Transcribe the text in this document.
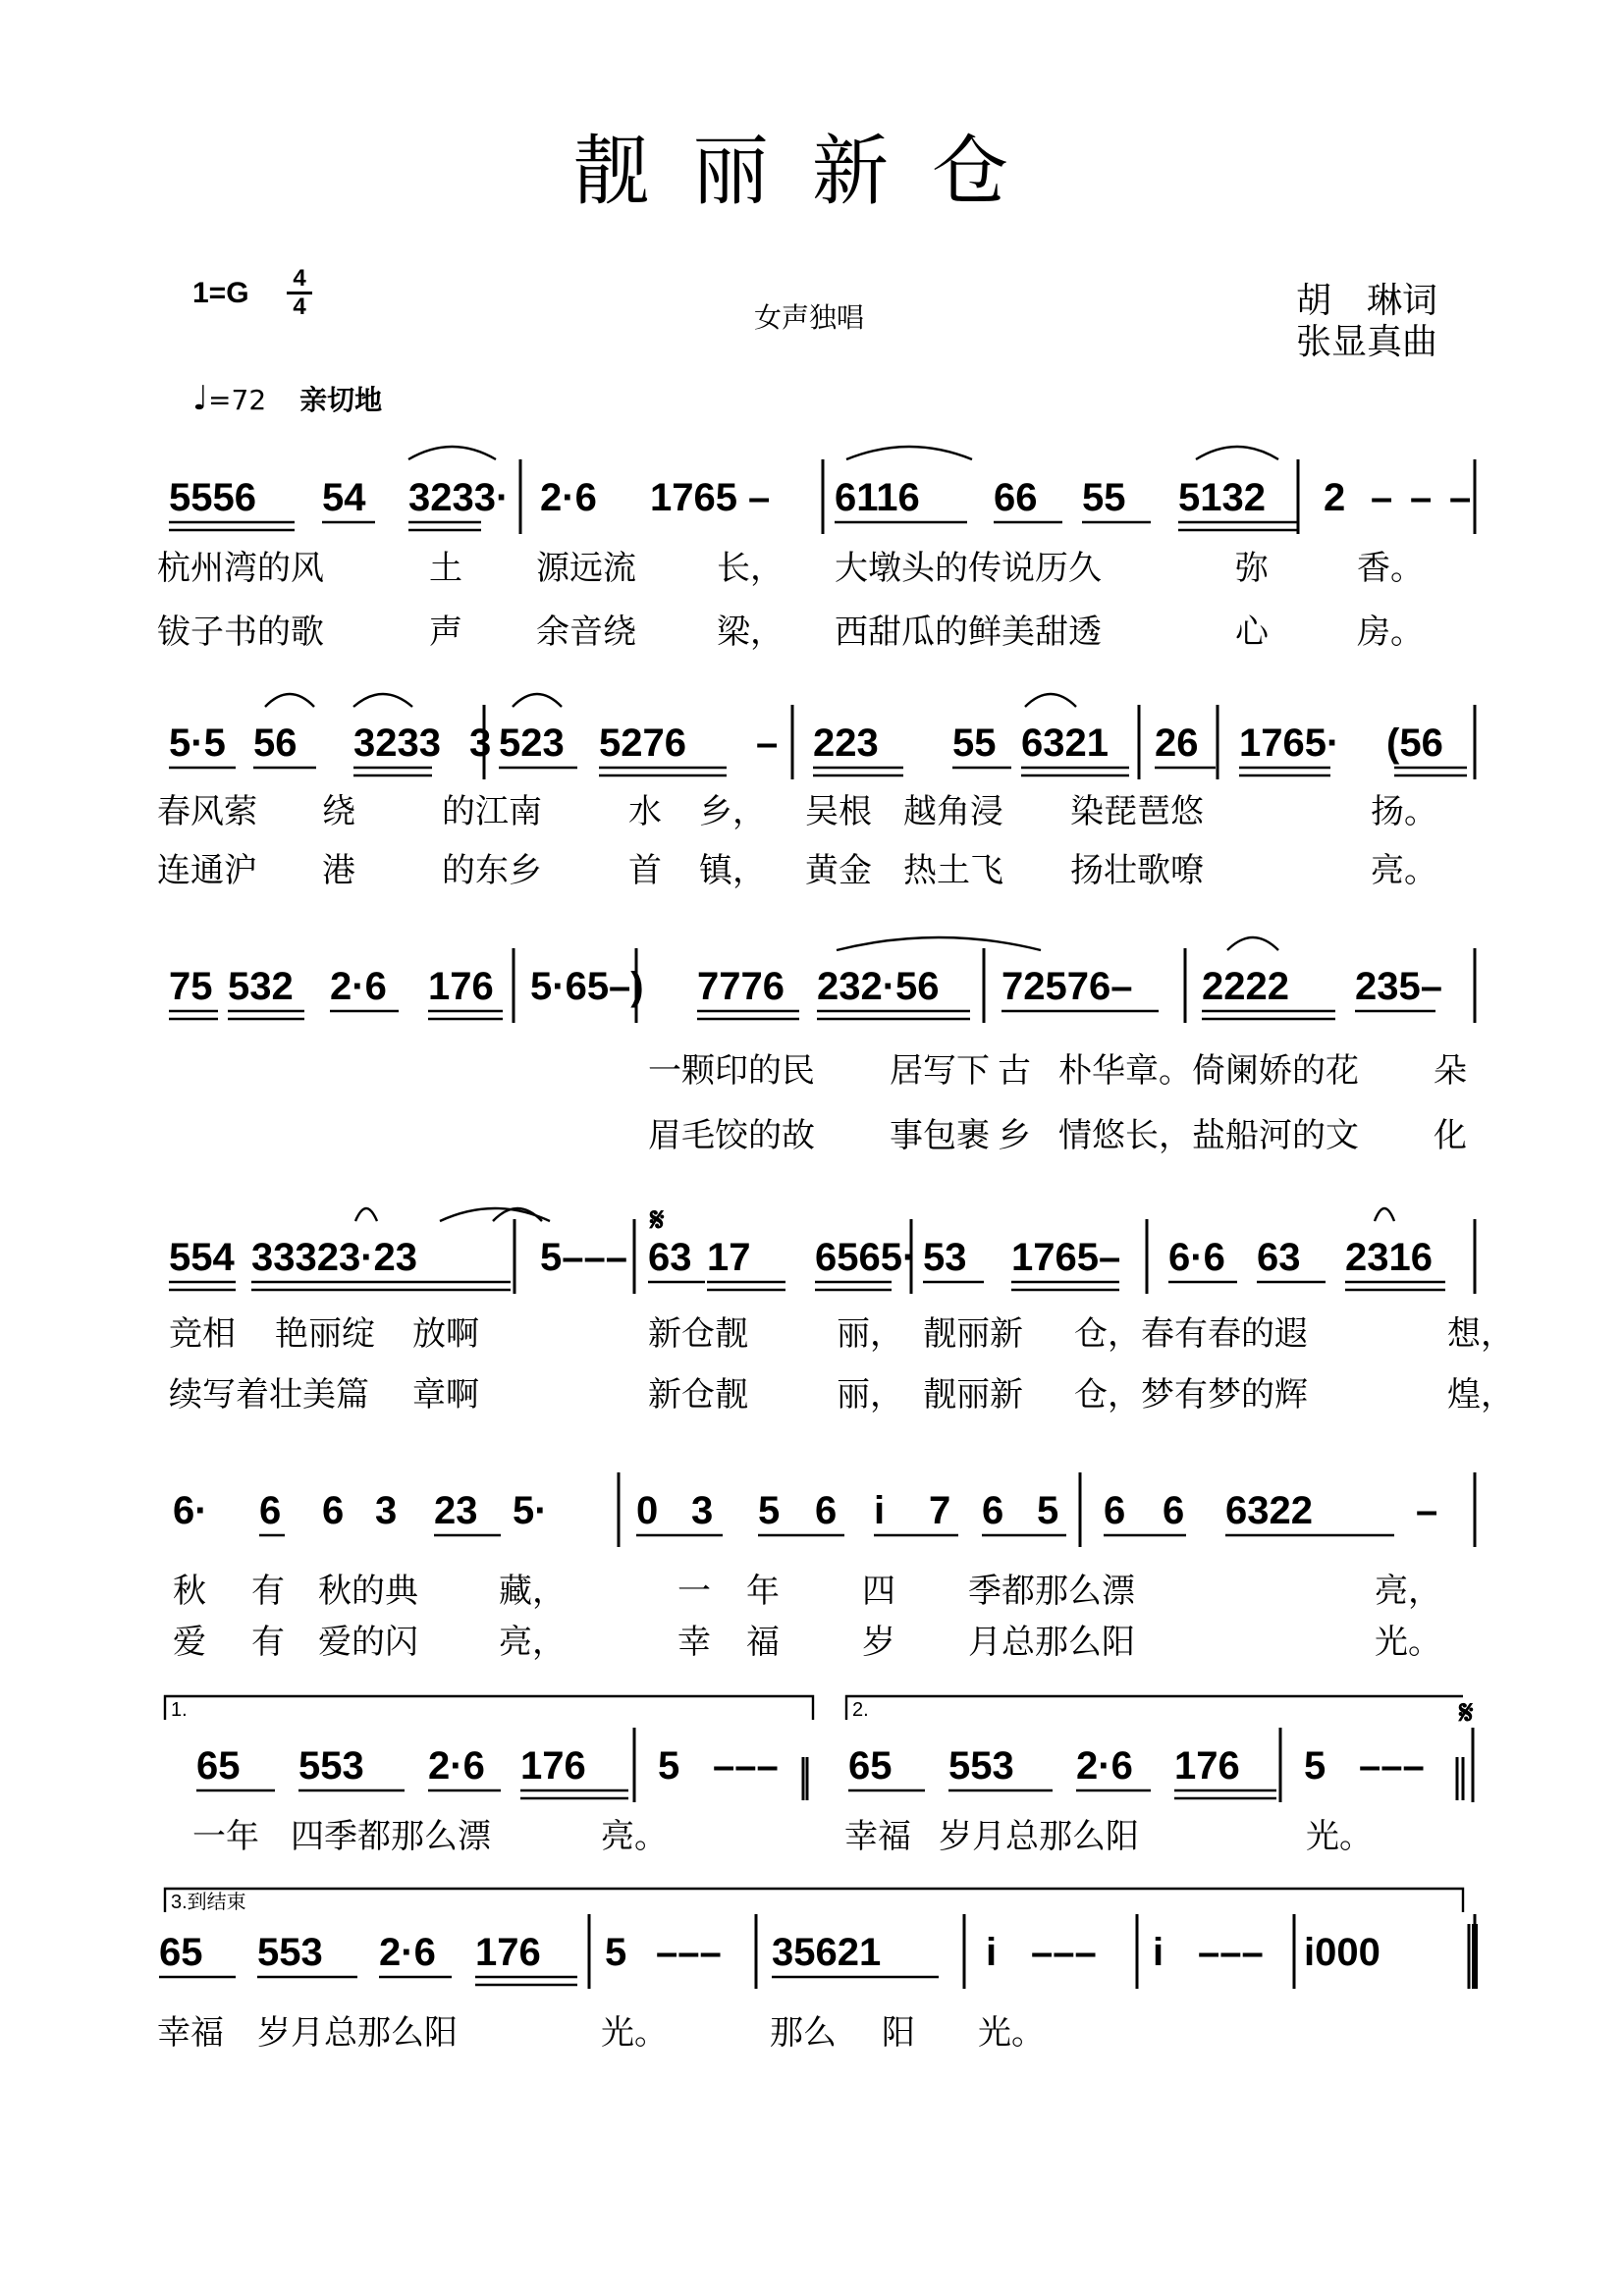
靓丽新仓
1=G 4
4	女声独唱	胡　琳词
张显真曲
♩=72 亲切地
5556 54 3233· 2·6 1765 – 6116 66 55 5132 2 – – –
杭州湾的风	土 源远流 长， 大墩头的传说历久	弥	香。
钹子书的歌	声 余音绕 梁， 西甜瓜的鲜美甜透	心	房。
5·5 56 3233 3 523 5276 – 223 55 6321 26 1765· (56
春风萦 绕	的江南	水 乡， 吴根 越角浸 染琵琶悠	扬。
连通沪 港	的东乡	首 镇， 黄金 热土飞 扬壮歌嘹	亮。
75 532 2·6 176 5·65–) 7776 232·56 72576– 2222 235–
一颗印的民 居写下 古 朴华章。倚阑娇的花 朵
眉毛饺的故 事包裹 乡 情悠长，盐船河的文 化
554 33323·23	5––– 63 17 6565· 53 1765– 6·6 63 2316
竞相 艳丽绽 放啊	新仓靓	丽， 靓丽新 仓，春有春的遐	想，
续写着壮美篇 章啊	新仓靓	丽， 靓丽新 仓，梦有梦的辉	煌，
6· 6 6 3 23 5· 0 3 5 6 i 7 6 5 6 6 6322	–
秋 有 秋的典 藏，	一 年 四 季都那么漂	亮，
爱 有 爱的闪 亮，	幸 福 岁 月总那么阳	光。
65 553 2·6 176 5 ––– 65 553 2·6 176 5 –––
一年 四季都那么漂	亮。	幸福 岁月总那么阳	光。
65 553 2·6 176 5 ––– 35621	i ––– i ––– i000
幸福 岁月总那么阳	光。	那么 阳 光。
1.	2.
3.到结束
𝄋
𝄋
